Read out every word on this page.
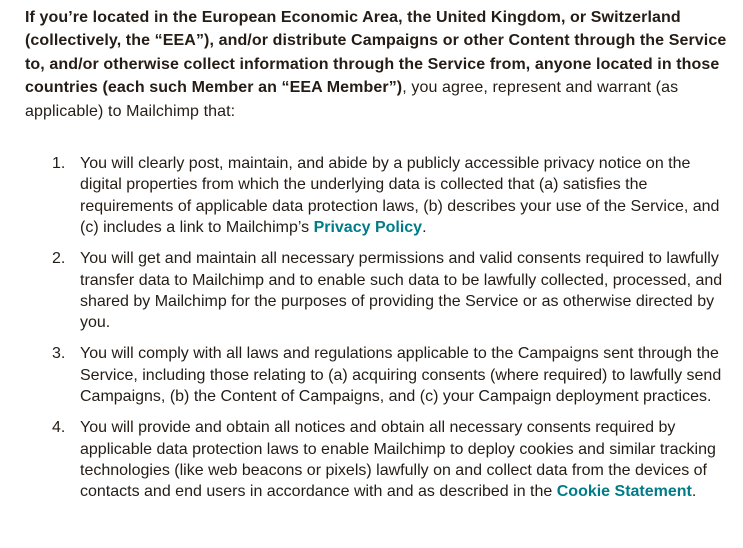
If you’re located in the European Economic Area, the United Kingdom, or Switzerland (collectively, the “EEA”), and/or distribute Campaigns or other Content through the Service to, and/or otherwise collect information through the Service from, anyone located in those countries (each such Member an “EEA Member”), you agree, represent and warrant (as applicable) to Mailchimp that:

1. You will clearly post, maintain, and abide by a publicly accessible privacy notice on the digital properties from which the underlying data is collected that (a) satisfies the requirements of applicable data protection laws, (b) describes your use of the Service, and (c) includes a link to Mailchimp’s Privacy Policy.
2. You will get and maintain all necessary permissions and valid consents required to lawfully transfer data to Mailchimp and to enable such data to be lawfully collected, processed, and shared by Mailchimp for the purposes of providing the Service or as otherwise directed by you.
3. You will comply with all laws and regulations applicable to the Campaigns sent through the Service, including those relating to (a) acquiring consents (where required) to lawfully send Campaigns, (b) the Content of Campaigns, and (c) your Campaign deployment practices.
4. You will provide and obtain all notices and obtain all necessary consents required by applicable data protection laws to enable Mailchimp to deploy cookies and similar tracking technologies (like web beacons or pixels) lawfully on and collect data from the devices of contacts and end users in accordance with and as described in the Cookie Statement.
